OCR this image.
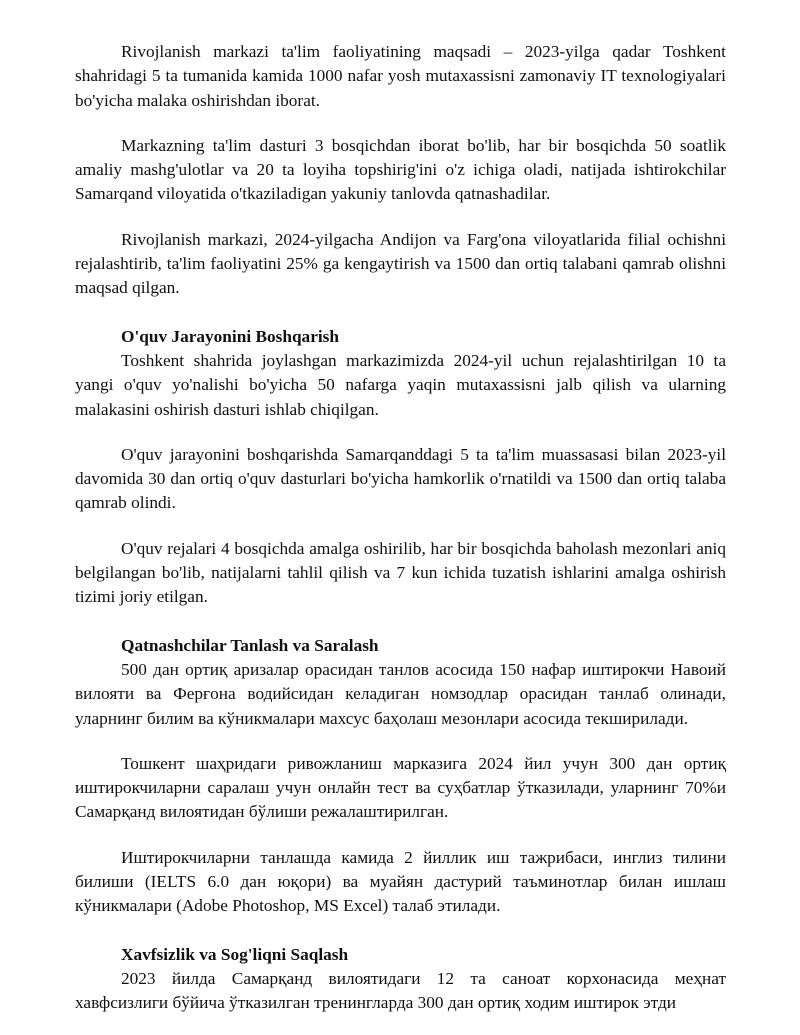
Rivojlanish markazi ta'lim faoliyatining maqsadi – 2023-yilga qadar Toshkent shahridagi 5 ta tumanida kamida 1000 nafar yosh mutaxassisni zamonaviy IT texnologiyalari bo'yicha malaka oshirishdan iborat.

Markazning ta'lim dasturi 3 bosqichdan iborat bo'lib, har bir bosqichda 50 soatlik amaliy mashg'ulotlar va 20 ta loyiha topshirig'ini o'z ichiga oladi, natijada ishtirokchilar Samarqand viloyatida o'tkaziladigan yakuniy tanlovda qatnashadilar.

Rivojlanish markazi, 2024-yilgacha Andijon va Farg'ona viloyatlarida filial ochishni rejalashtirib, ta'lim faoliyatini 25% ga kengaytirish va 1500 dan ortiq talabani qamrab olishni maqsad qilgan.

O'quv Jarayonini Boshqarish

Toshkent shahrida joylashgan markazimizda 2024-yil uchun rejalashtirilgan 10 ta yangi o'quv yo'nalishi bo'yicha 50 nafarga yaqin mutaxassisni jalb qilish va ularning malakasini oshirish dasturi ishlab chiqilgan.

O'quv jarayonini boshqarishda Samarqanddagi 5 ta ta'lim muassasasi bilan 2023-yil davomida 30 dan ortiq o'quv dasturlari bo'yicha hamkorlik o'rnatildi va 1500 dan ortiq talaba qamrab olindi.

O'quv rejalari 4 bosqichda amalga oshirilib, har bir bosqichda baholash mezonlari aniq belgilangan bo'lib, natijalarni tahlil qilish va 7 kun ichida tuzatish ishlarini amalga oshirish tizimi joriy etilgan.

Qatnashchilar Tanlash va Saralash

500 дан ортиқ аризалар орасидан танлов асосида 150 нафар иштирокчи Навоий вилояти ва Ферғона водийсидан келадиган номзодлар орасидан танлаб олинади, уларнинг билим ва кўникмалари махсус баҳолаш мезонлари асосида текширилади.

Тошкент шаҳридаги ривожланиш марказига 2024 йил учун 300 дан ортиқ иштирокчиларни саралаш учун онлайн тест ва суҳбатлар ўтказилади, уларнинг 70%и Самарқанд вилоятидан бўлиши режалаштирилган.

Иштирокчиларни танлашда камида 2 йиллик иш тажрибаси, инглиз тилини билиши (IELTS 6.0 дан юқори) ва муайян дастурий таъминотлар билан ишлаш кўникмалари (Adobe Photoshop, MS Excel) талаб этилади.

Xavfsizlik va Sog'liqni Saqlash

2023 йилда Самарқанд вилоятидаги 12 та саноат корхонасида меҳнат хавфсизлиги бўйича ўтказилган тренингларда 300 дан ортиқ ходим иштирок этди
